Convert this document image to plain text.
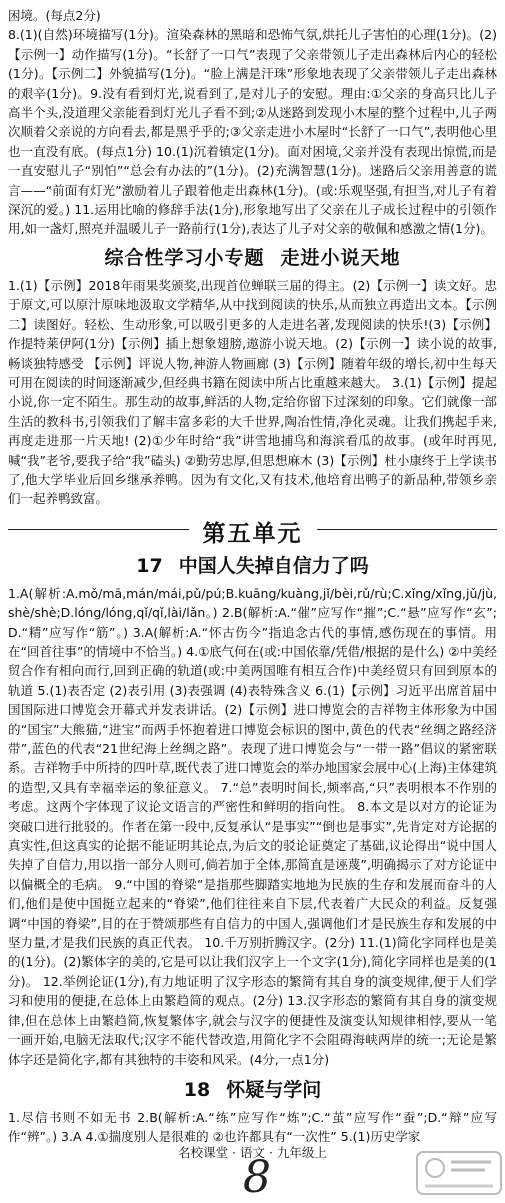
困境。(每点2分)

8.(1)(自然)环境描写(1分)。渲染森林的黑暗和恐怖气氛,烘托儿子害怕的心理(1分)。(2)【示例一】动作描写(1分)。“长舒了一口气”表现了父亲带领儿子走出森林后内心的轻松(1分)。【示例二】外貌描写(1分)。“脸上满是汗珠”形象地表现了父亲带领儿子走出森林的艰辛(1分)。9.没有看到灯光,说看到了,是对儿子的安慰。理由:①父亲的身高只比儿子高半个头,没道理父亲能看到灯光儿子看不到;②从迷路到发现小木屋的整个过程中,儿子两次顺着父亲说的方向看去,都是黑乎乎的;③父亲走进小木屋时“长舒了一口气”,表明他心里也一直没有底。(每点1分) 10.(1)沉着镇定(1分)。面对困境,父亲并没有表现出惊慌,而是一直安慰儿子“别怕”“总会有办法的”(1分)。(2)充满智慧(1分)。迷路后父亲用善意的谎言——“前面有灯光”激励着儿子跟着他走出森林(1分)。(或:乐观坚强,有担当,对儿子有着深沉的爱。) 11.运用比喻的修辞手法(1分),形象地写出了父亲在儿子成长过程中的引领作用,如一盏灯,照亮并温暖儿子一路前行(1分),表达了儿子对父亲的敬佩和感激之情(1分)。

综合性学习小专题 走进小说天地

1.(1)【示例】2018年雨果奖颁奖,出现首位蝉联三届的得主。(2)【示例一】读文好。忠于原文,可以原汁原味地汲取文学精华,从中找到阅读的快乐,从而独立再造出文本。【示例二】读图好。轻松、生动形象,可以吸引更多的人走进名著,发现阅读的快乐!(3)【示例】作提特莱伊阿(1分)【示例】插上想象翅膀,遨游小说天地。(2)【示例一】读小说的故事,畅谈独特感受 【示例】评说人物,神游人物画廊 (3)【示例】随着年级的增长,初中生每天可用在阅读的时间逐渐减少,但经典书籍在阅读中所占比重越来越大。 3.(1)【示例】提起小说,你一定不陌生。那生动的故事,鲜活的人物,定给你留下过深刻的印象。它们就像一部生活的教科书,引领我们了解丰富多彩的大千世界,陶冶性情,净化灵魂。让我们携起手来,再度走进那一片天地! (2)①少年时给“我”讲雪地捕鸟和海滨看瓜的故事。(或年时再见,喊“我”老爷,要我子给“我”磕头) ②勤劳忠厚,但思想麻木 (3)【示例】杜小康终于上学读书了,他大学毕业后回乡继承养鸭。因为有文化,又有技术,他培育出鸭子的新品种,带领乡亲们一起养鸭致富。

第五单元
17 中国人失掉自信力了吗

1.A(解析:A.mǒ/mā,mán/mái,pǔ/pú;B.kuāng/kuàng,jǐ/bèi,rǔ/rù;C.xǐng/xǐng,jǔ/jù,shè/shè;D.lóng/lóng,qǐ/qǐ,lài/lǎn。) 2.B(解析:A.“催”应写作“摧”;C.“悬”应写作“玄”;D.“精”应写作“筋”。) 3.A(解析:A.“怀古伤今”指追念古代的事情,感伤现在的事情。用在“回首往事”的情境中不恰当。) 4.①底气何在(或:中国依靠/凭借/根据的是什么) ②中美经贸合作有相向而行,回到正确的轨道(或:中美两国唯有相互合作)中美经贸只有回到原本的轨道 5.(1)表否定 (2)表引用 (3)表强调 (4)表特殊含义 6.(1)【示例】习近平出席首届中国国际进口博览会开幕式并发表讲话。(2)【示例】进口博览会的吉祥物主体形象为中国的“国宝”大熊猫,“进宝”而两手怀抱着进口博览会标识的图中,黄色的代表“丝绸之路经济带”,蓝色的代表“21世纪海上丝绸之路”。表现了进口博览会与“一带一路”倡议的紧密联系。吉祥物手中所持的四叶草,既代表了进口博览会的举办地国家会展中心(上海)主体建筑的造型,又具有幸福幸运的象征意义。 7.“总”表明时间长,频率高,“只”表明根本不作别的考虑。这两个字体现了议论文语言的严密性和鲜明的指向性。 8.本文是以对方的论证为突破口进行批驳的。作者在第一段中,反复承认“是事实”“倒也是事实”,先肯定对方论据的真实性,但这真实的论据不能证明其论点,为后文的驳论证奠定了基础,议论得出“说中国人失掉了自信力,用以指一部分人则可,倘若加于全体,那简直是诬蔑”,明确揭示了对方论证中以偏概全的毛病。 9.“中国的脊梁”是指那些脚踏实地地为民族的生存和发展而奋斗的人们,他们是使中国挺立起来的“脊梁”,他们往往来自下层,代表着广大民众的利益。反复强调“中国的脊梁”,目的在于赞颂那些有自信力的中国人,强调他们才是民族生存和发展的中坚力量,才是我们民族的真正代表。 10.千万别折腾汉字。(2分) 11.(1)简化字同样也是美的(1分)。(2)繁体字的美的,它是可以让我们汉字上一个文字(1分),简化字同样也是美的(1分)。 12.举例论证(1分),有力地证明了汉字形态的繁简有其自身的演变规律,便于人们学习和使用的便捷,在总体上由繁趋简的观点。(2分) 13.汉字形态的繁简有其自身的演变规律,但在总体上由繁趋简,恢复繁体字,就会与汉字的便捷性及演变认知规律相悖,要从一笔一画开始,电脑无法取代;汉字不能代替改造,用简化字不会阻碍海峡两岸的统一;无论是繁体字还是简化字,都有其独特的丰姿和风采。(4分,一点1分)

18 怀疑与学问

1.尽信书则不如无书 2.B(解析:A.“练”应写作“炼”;C.“茧”应写作“蚕”;D.“辩”应写作“辨”。) 3.A 4.①揣度别人是很难的 ②也许都具有“一次性” 5.(1)历史学家

名校课堂 · 语文 · 九年级上
8
